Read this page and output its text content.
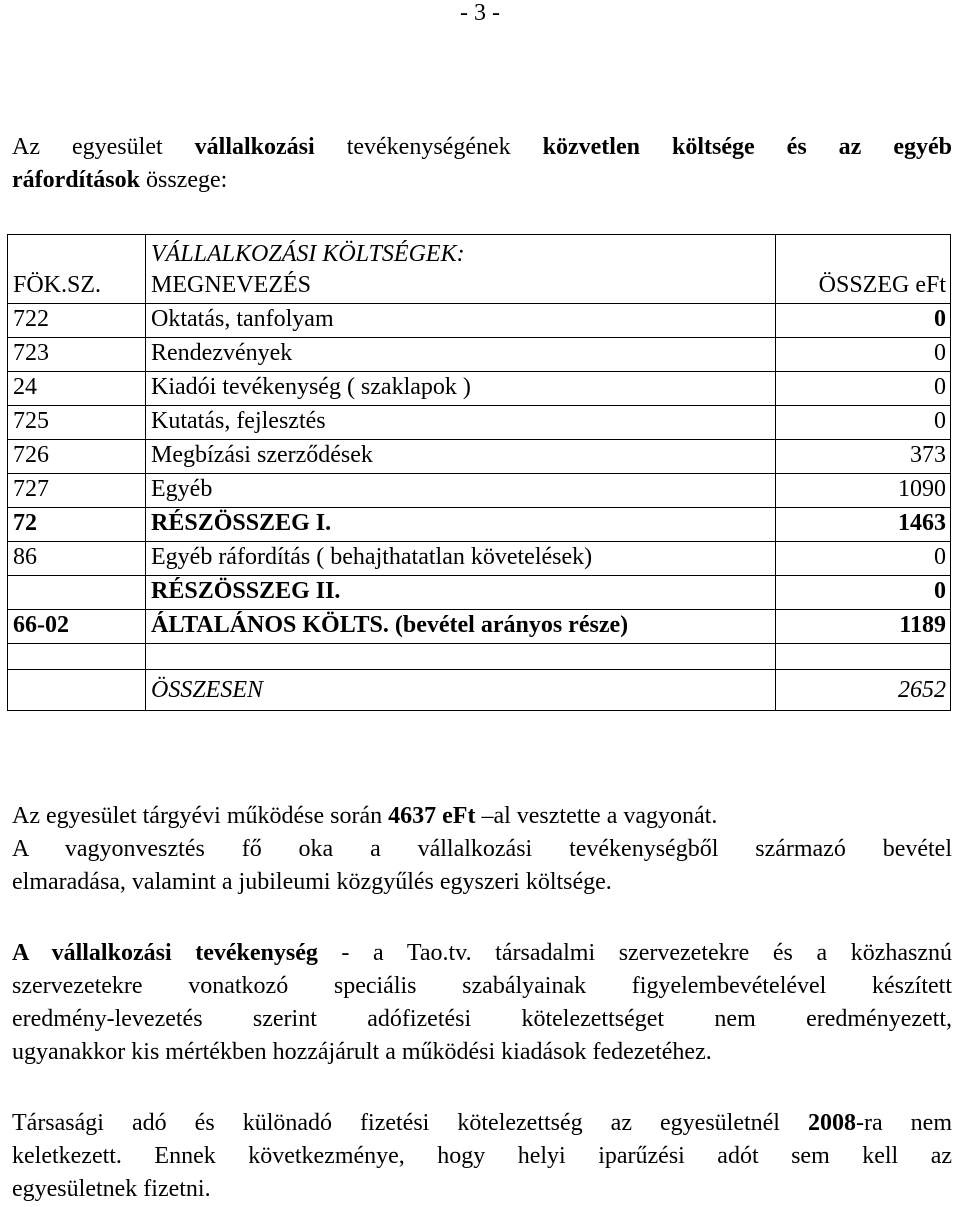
- 3 -
Az egyesület vállalkozási tevékenységének közvetlen költsége és az egyéb
ráfordítások összege:
	VÁLLALKOZÁSI KÖLTSÉGEK:	
FÖK.SZ.	MEGNEVEZÉS	ÖSSZEG eFt
722	Oktatás, tanfolyam	0
723	Rendezvények	0
24	Kiadói tevékenység ( szaklapok )	0
725	Kutatás, fejlesztés	0
726	Megbízási szerződések	373
727	Egyéb	1090
72	RÉSZÖSSZEG I.	1463
86	Egyéb ráfordítás ( behajthatatlan követelések)	0
	RÉSZÖSSZEG II.	0
66-02	ÁLTALÁNOS KÖLTS. (bevétel arányos része)	1189

	ÖSSZESEN	2652
Az egyesület tárgyévi működése során 4637 eFt –al vesztette a vagyonát.
A vagyonvesztés fő oka a vállalkozási tevékenységből származó bevétel
elmaradása, valamint a jubileumi közgyűlés egyszeri költsége.
A vállalkozási tevékenység - a Tao.tv. társadalmi szervezetekre és a közhasznú
szervezetekre vonatkozó speciális szabályainak figyelembevételével készített
eredmény-levezetés szerint adófizetési kötelezettséget nem eredményezett,
ugyanakkor kis mértékben hozzájárult a működési kiadások fedezetéhez.
Társasági adó és különadó fizetési kötelezettség az egyesületnél 2008-ra nem
keletkezett. Ennek következménye, hogy helyi iparűzési adót sem kell az
egyesületnek fizetni.
